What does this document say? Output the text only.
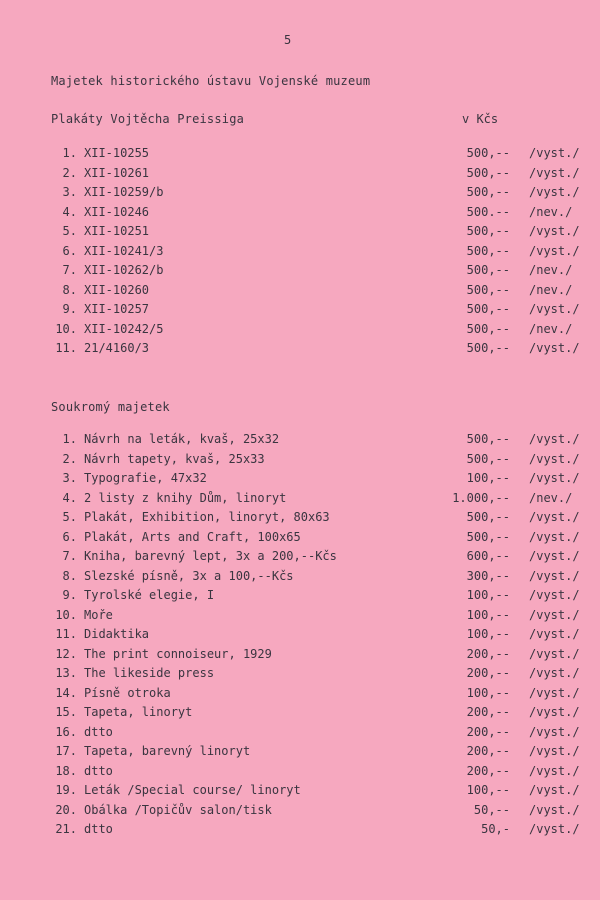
5
Majetek historického ústavu Vojenské muzeum
Plakáty Vojtěcha Preissiga	v Kčs
1. XII-10255	500,-- /vyst./
2. XII-10261	500,-- /vyst./
3. XII-10259/b	500,-- /vyst./
4. XII-10246	500.-- /nev./
5. XII-10251	500,-- /vyst./
6. XII-10241/3	500,-- /vyst./
7. XII-10262/b	500,-- /nev./
8. XII-10260	500,-- /nev./
9. XII-10257	500,-- /vyst./
10. XII-10242/5	500,-- /nev./
11. 21/4160/3	500,-- /vyst./
Soukromý majetek
1. Návrh na leták, kvaš, 25x32	500,-- /vyst./
2. Návrh tapety, kvaš, 25x33	500,-- /vyst./
3. Typografie, 47x32	100,-- /vyst./
4. 2 listy z knihy Dům, linoryt	1.000,-- /nev./
5. Plakát, Exhibition, linoryt, 80x63	500,-- /vyst./
6. Plakát, Arts and Craft, 100x65	500,-- /vyst./
7. Kniha, barevný lept, 3x a 200,--Kčs	600,-- /vyst./
8. Slezské písně, 3x a 100,--Kčs	300,-- /vyst./
9. Tyrolské elegie, I	100,-- /vyst./
10. Moře	100,-- /vyst./
11. Didaktika	100,-- /vyst./
12. The print connoiseur, 1929	200,-- /vyst./
13. The likeside press	200,-- /vyst./
14. Písně otroka	100,-- /vyst./
15. Tapeta, linoryt	200,-- /vyst./
16. dtto	200,-- /vyst./
17. Tapeta, barevný linoryt	200,-- /vyst./
18. dtto	200,-- /vyst./
19. Leták /Special course/ linoryt	100,-- /vyst./
20. Obálka /Topičův salon/tisk	50,-- /vyst./
21. dtto	50,- /vyst./
